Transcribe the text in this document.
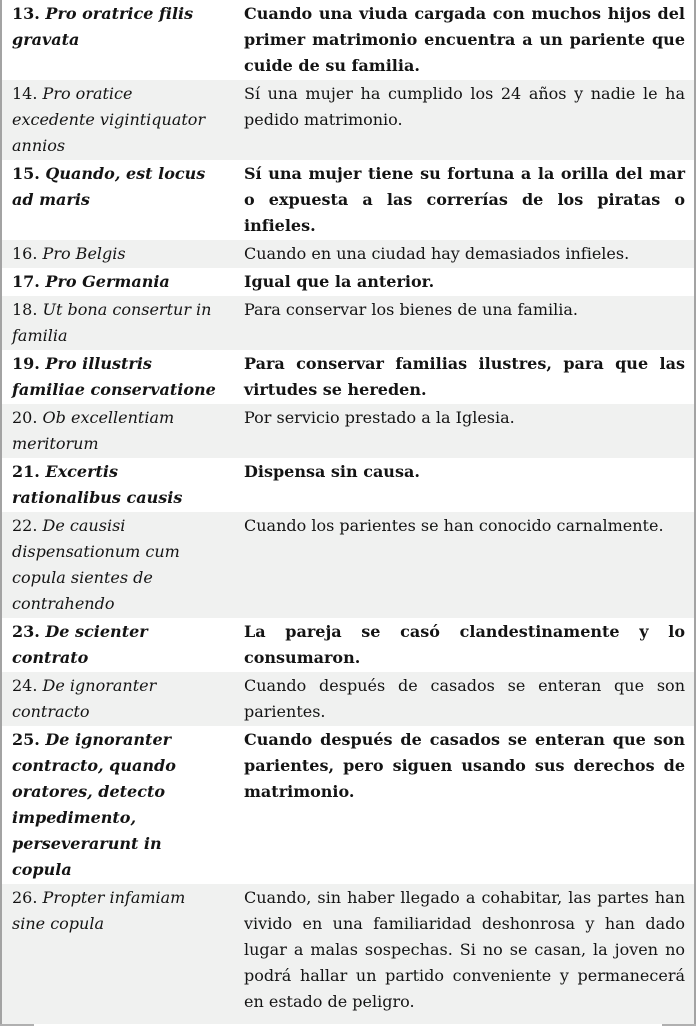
13. Pro oratrice filis gravata
Cuando una viuda cargada con muchos hijos del primer matrimonio encuentra a un pariente que cuide de su familia.
14. Pro oratice excedente vigintiquator annios
Sí una mujer ha cumplido los 24 años y nadie le ha pedido matrimonio.
15. Quando, est locus ad maris
Sí una mujer tiene su fortuna a la orilla del mar o expuesta a las correrías de los piratas o infieles.
16. Pro Belgis	Cuando en una ciudad hay demasiados infieles.
17. Pro Germania	Igual que la anterior.
18. Ut bona consertur in familia
Para conservar los bienes de una familia.
19. Pro illustris familiae conservatione
Para conservar familias ilustres, para que las virtudes se hereden.
20. Ob excellentiam meritorum
Por servicio prestado a la Iglesia.
21. Excertis rationalibus causis
Dispensa sin causa.
22. De causisi dispensationum cum copula sientes de contrahendo
Cuando los parientes se han conocido carnalmente.
23. De scienter contrato
La pareja se casó clandestinamente y lo consumaron.
24. De ignoranter contracto
Cuando después de casados se enteran que son parientes.
25. De ignoranter contracto, quando oratores, detecto impedimento, perseverarunt in copula
Cuando después de casados se enteran que son parientes, pero siguen usando sus derechos de matrimonio.
26. Propter infamiam sine copula
Cuando, sin haber llegado a cohabitar, las partes han vivido en una familiaridad deshonrosa y han dado lugar a malas sospechas. Si no se casan, la joven no podrá hallar un partido conveniente y permanecerá en estado de peligro.
